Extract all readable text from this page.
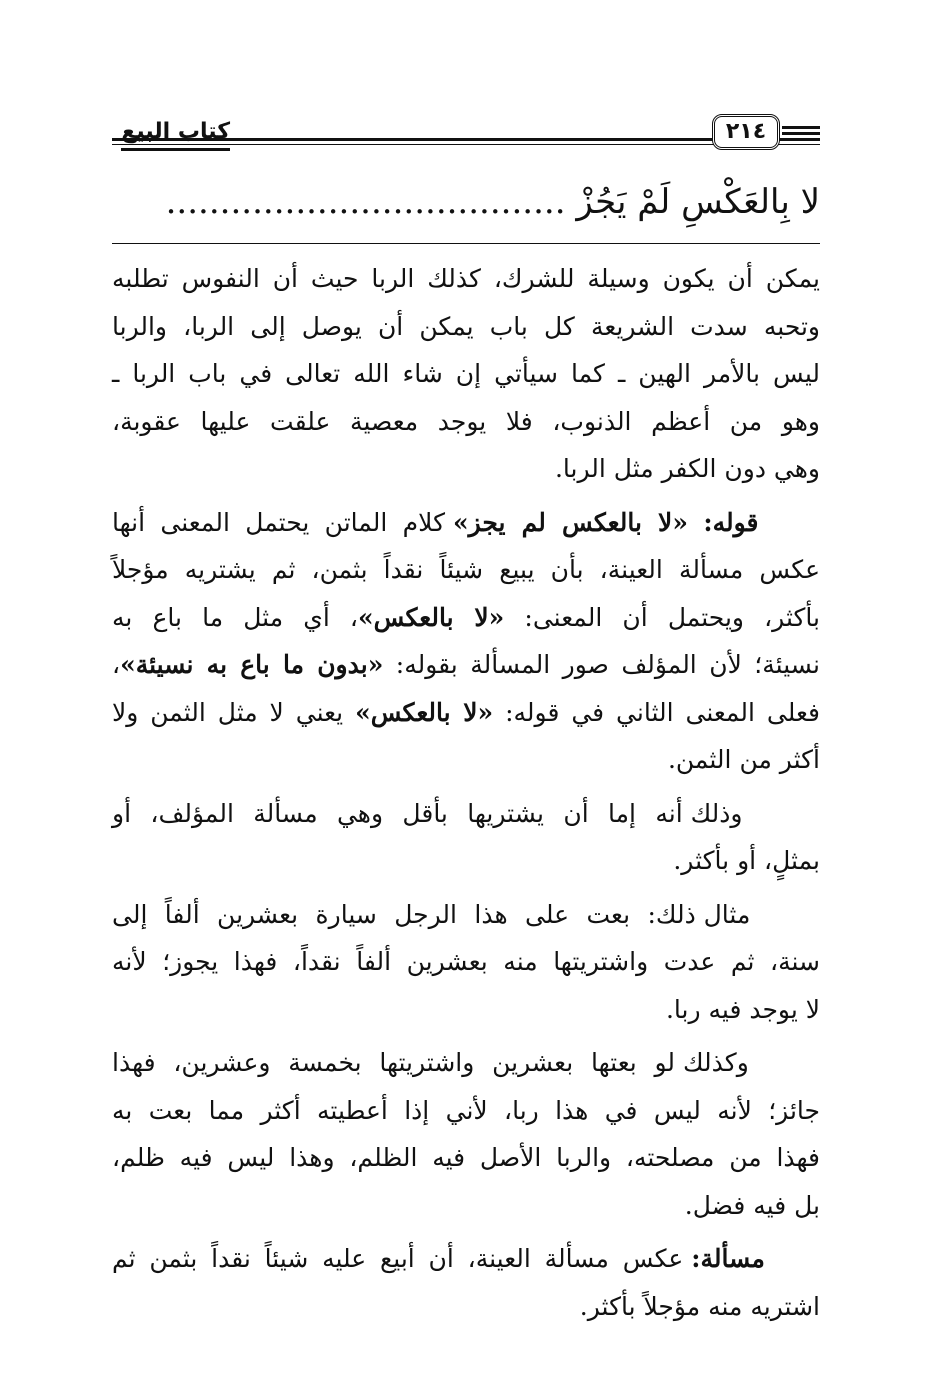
٢١٤
كتاب البيع
لا بِالعَكْسِ لَمْ يَجُزْ .....................................
يمكن أن يكون وسيلة للشرك، كذلك الربا حيث أن النفوس تطلبه
وتحبه سدت الشريعة كل باب يمكن أن يوصل إلى الربا، والربا
ليس بالأمر الهين ـ كما سيأتي إن شاء الله تعالى في باب الربا ـ
وهو من أعظم الذنوب، فلا يوجد معصية علقت عليها عقوبة،
وهي دون الكفر مثل الربا.
​    قوله: «لا بالعكس لم يجز» كلام الماتن يحتمل المعنى أنها
عكس مسألة العينة، بأن يبيع شيئاً نقداً بثمن، ثم يشتريه مؤجلاً
بأكثر، ويحتمل أن المعنى: «لا بالعكس»، أي مثل ما باع به
نسيئة؛ لأن المؤلف صور المسألة بقوله: «بدون ما باع به نسيئة»،
فعلى المعنى الثاني في قوله: «لا بالعكس» يعني لا مثل الثمن ولا
أكثر من الثمن.
وذلك أنه إما أن يشتريها بأقل وهي مسألة المؤلف، أو
بمثلٍ، أو بأكثر.
مثال ذلك: بعت على هذا الرجل سيارة بعشرين ألفاً إلى
سنة، ثم عدت واشتريتها منه بعشرين ألفاً نقداً، فهذا يجوز؛ لأنه
لا يوجد فيه ربا.
وكذلك لو بعتها بعشرين واشتريتها بخمسة وعشرين، فهذا
جائز؛ لأنه ليس في هذا ربا، لأني إذا أعطيته أكثر مما بعت به
فهذا من مصلحته، والربا الأصل فيه الظلم، وهذا ليس فيه ظلم،
بل فيه فضل.
مسألة: عكس مسألة العينة، أن أبيع عليه شيئاً نقداً بثمن ثم
اشتريه منه مؤجلاً بأكثر.
